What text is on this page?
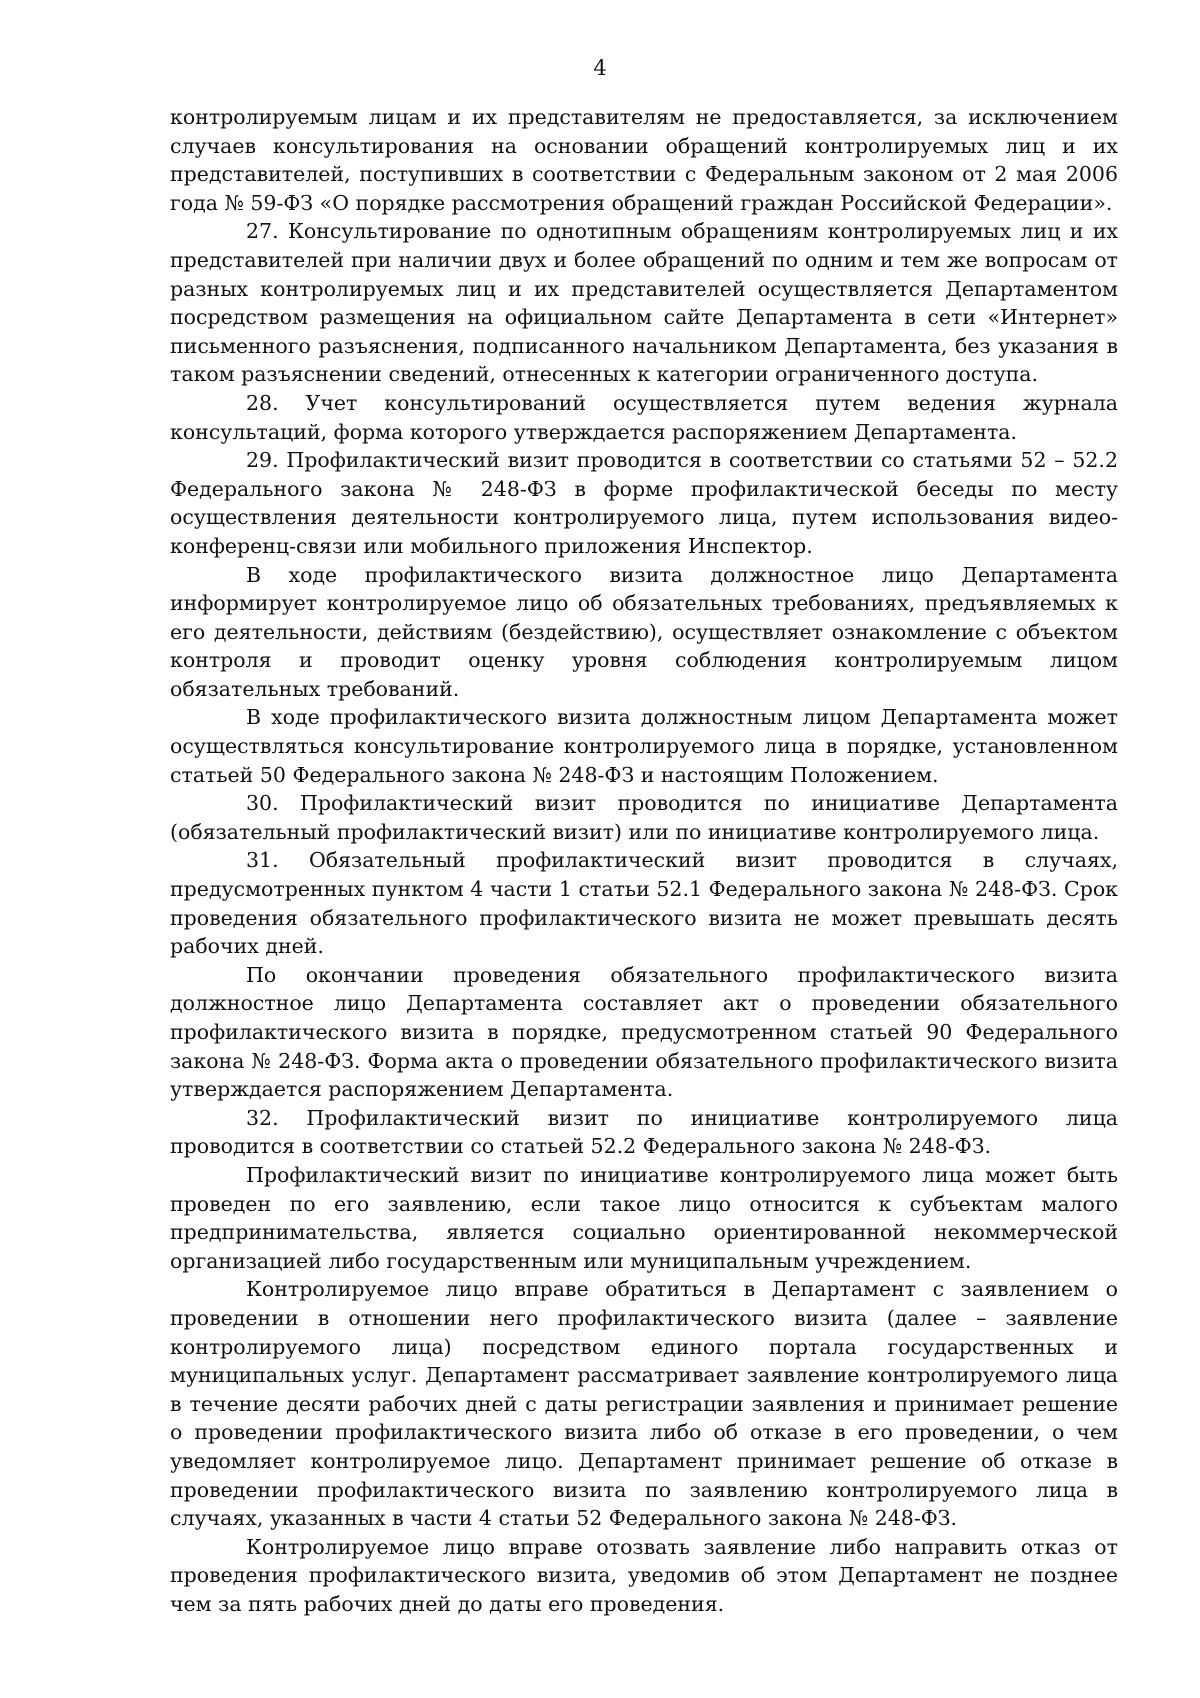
4

контролируемым лицам и их представителям не предоставляется, за исключением случаев консультирования на основании обращений контролируемых лиц и их представителей, поступивших в соответствии с Федеральным законом от 2 мая 2006 года № 59-ФЗ «О порядке рассмотрения обращений граждан Российской Федерации».

27. Консультирование по однотипным обращениям контролируемых лиц и их представителей при наличии двух и более обращений по одним и тем же вопросам от разных контролируемых лиц и их представителей осуществляется Департаментом посредством размещения на официальном сайте Департамента в сети «Интернет» письменного разъяснения, подписанного начальником Департамента, без указания в таком разъяснении сведений, отнесенных к категории ограниченного доступа.

28. Учет консультирований осуществляется путем ведения журнала консультаций, форма которого утверждается распоряжением Департамента.

29. Профилактический визит проводится в соответствии со статьями 52 – 52.2 Федерального закона № 248-ФЗ в форме профилактической беседы по месту осуществления деятельности контролируемого лица, путем использования видео-конференц-связи или мобильного приложения Инспектор.

В ходе профилактического визита должностное лицо Департамента информирует контролируемое лицо об обязательных требованиях, предъявляемых к его деятельности, действиям (бездействию), осуществляет ознакомление с объектом контроля и проводит оценку уровня соблюдения контролируемым лицом обязательных требований.

В ходе профилактического визита должностным лицом Департамента может осуществляться консультирование контролируемого лица в порядке, установленном статьей 50 Федерального закона № 248-ФЗ и настоящим Положением.

30. Профилактический визит проводится по инициативе Департамента (обязательный профилактический визит) или по инициативе контролируемого лица.

31. Обязательный профилактический визит проводится в случаях, предусмотренных пунктом 4 части 1 статьи 52.1 Федерального закона № 248-ФЗ. Срок проведения обязательного профилактического визита не может превышать десять рабочих дней.

По окончании проведения обязательного профилактического визита должностное лицо Департамента составляет акт о проведении обязательного профилактического визита в порядке, предусмотренном статьей 90 Федерального закона № 248-ФЗ. Форма акта о проведении обязательного профилактического визита утверждается распоряжением Департамента.

32. Профилактический визит по инициативе контролируемого лица проводится в соответствии со статьей 52.2 Федерального закона № 248-ФЗ.

Профилактический визит по инициативе контролируемого лица может быть проведен по его заявлению, если такое лицо относится к субъектам малого предпринимательства, является социально ориентированной некоммерческой организацией либо государственным или муниципальным учреждением.

Контролируемое лицо вправе обратиться в Департамент с заявлением о проведении в отношении него профилактического визита (далее – заявление контролируемого лица) посредством единого портала государственных и муниципальных услуг. Департамент рассматривает заявление контролируемого лица в течение десяти рабочих дней с даты регистрации заявления и принимает решение о проведении профилактического визита либо об отказе в его проведении, о чем уведомляет контролируемое лицо. Департамент принимает решение об отказе в проведении профилактического визита по заявлению контролируемого лица в случаях, указанных в части 4 статьи 52 Федерального закона № 248-ФЗ.

Контролируемое лицо вправе отозвать заявление либо направить отказ от проведения профилактического визита, уведомив об этом Департамент не позднее чем за пять рабочих дней до даты его проведения.
